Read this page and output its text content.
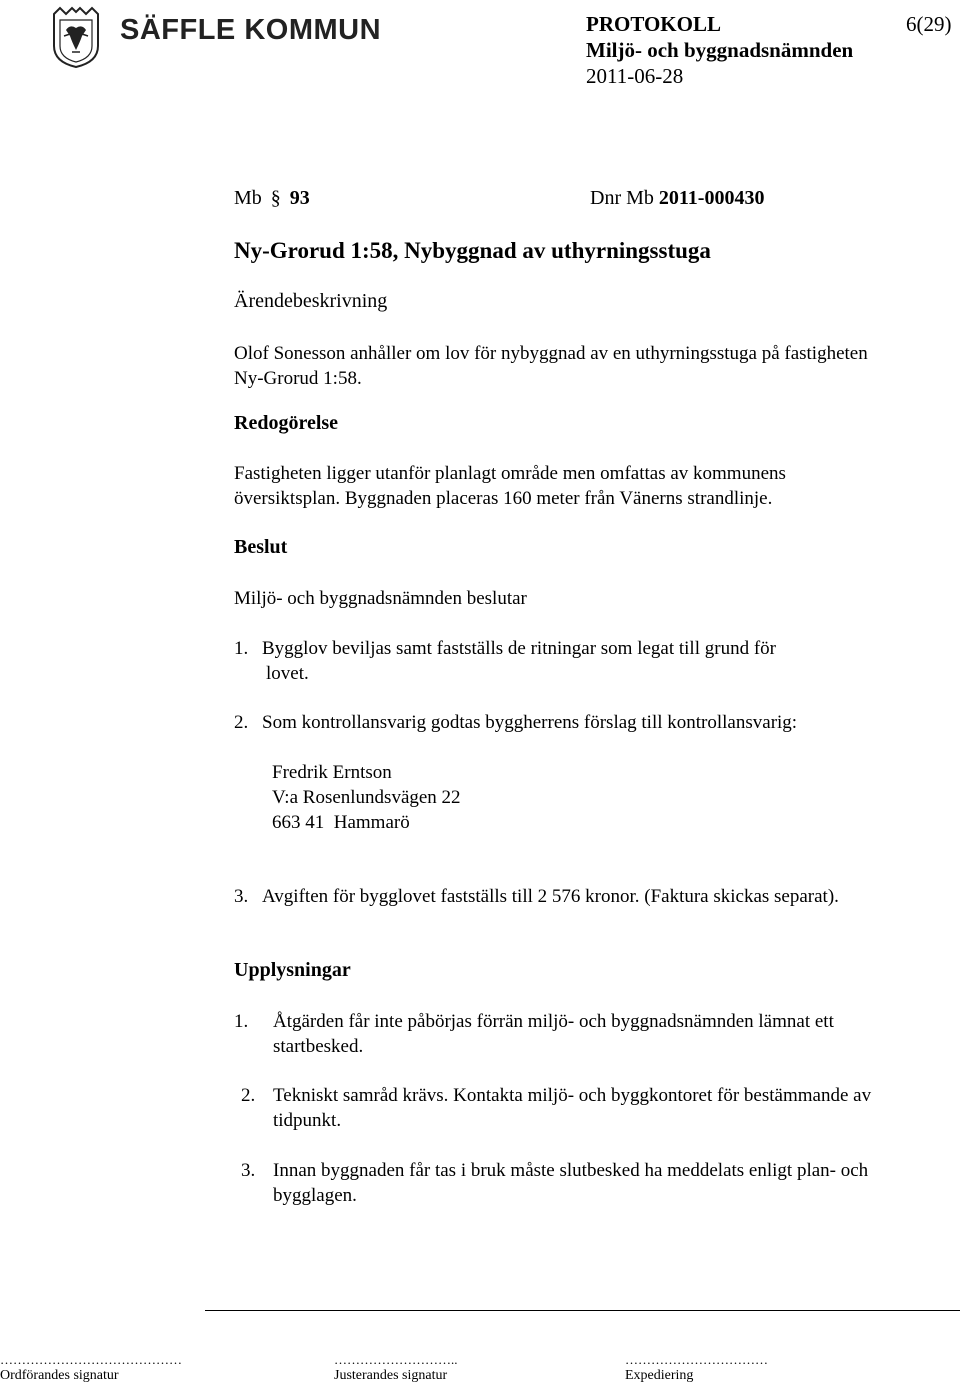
SÄFFLE KOMMUN	PROTOKOLL	6(29)
Miljö- och byggnadsnämnden
2011-06-28
Mb § 93	Dnr Mb 2011-000430
Ny-Grorud 1:58, Nybyggnad av uthyrningsstuga
Ärendebeskrivning
Olof Sonesson anhåller om lov för nybyggnad av en uthyrningsstuga på fastigheten
Ny-Grorud 1:58.
Redogörelse
Fastigheten ligger utanför planlagt område men omfattas av kommunens
översiktsplan. Byggnaden placeras 160 meter från Vänerns strandlinje.
Beslut
Miljö- och byggnadsnämnden beslutar
1. Bygglov beviljas samt fastställs de ritningar som legat till grund för
lovet.
2. Som kontrollansvarig godtas byggherrens förslag till kontrollansvarig:
Fredrik Erntson
V:a Rosenlundsvägen 22
663 41  Hammarö
3. Avgiften för bygglovet fastställs till 2 576 kronor. (Faktura skickas separat).
Upplysningar
1. Åtgärden får inte påbörjas förrän miljö- och byggnadsnämnden lämnat ett
startbesked.
2. Tekniskt samråd krävs. Kontakta miljö- och byggkontoret för bestämmande av
tidpunkt.
3. Innan byggnaden får tas i bruk måste slutbesked ha meddelats enligt plan- och
bygglagen.
……………………………………
Ordförandes signatur
………………………..
Justerandes signatur
……………………………
Expediering
